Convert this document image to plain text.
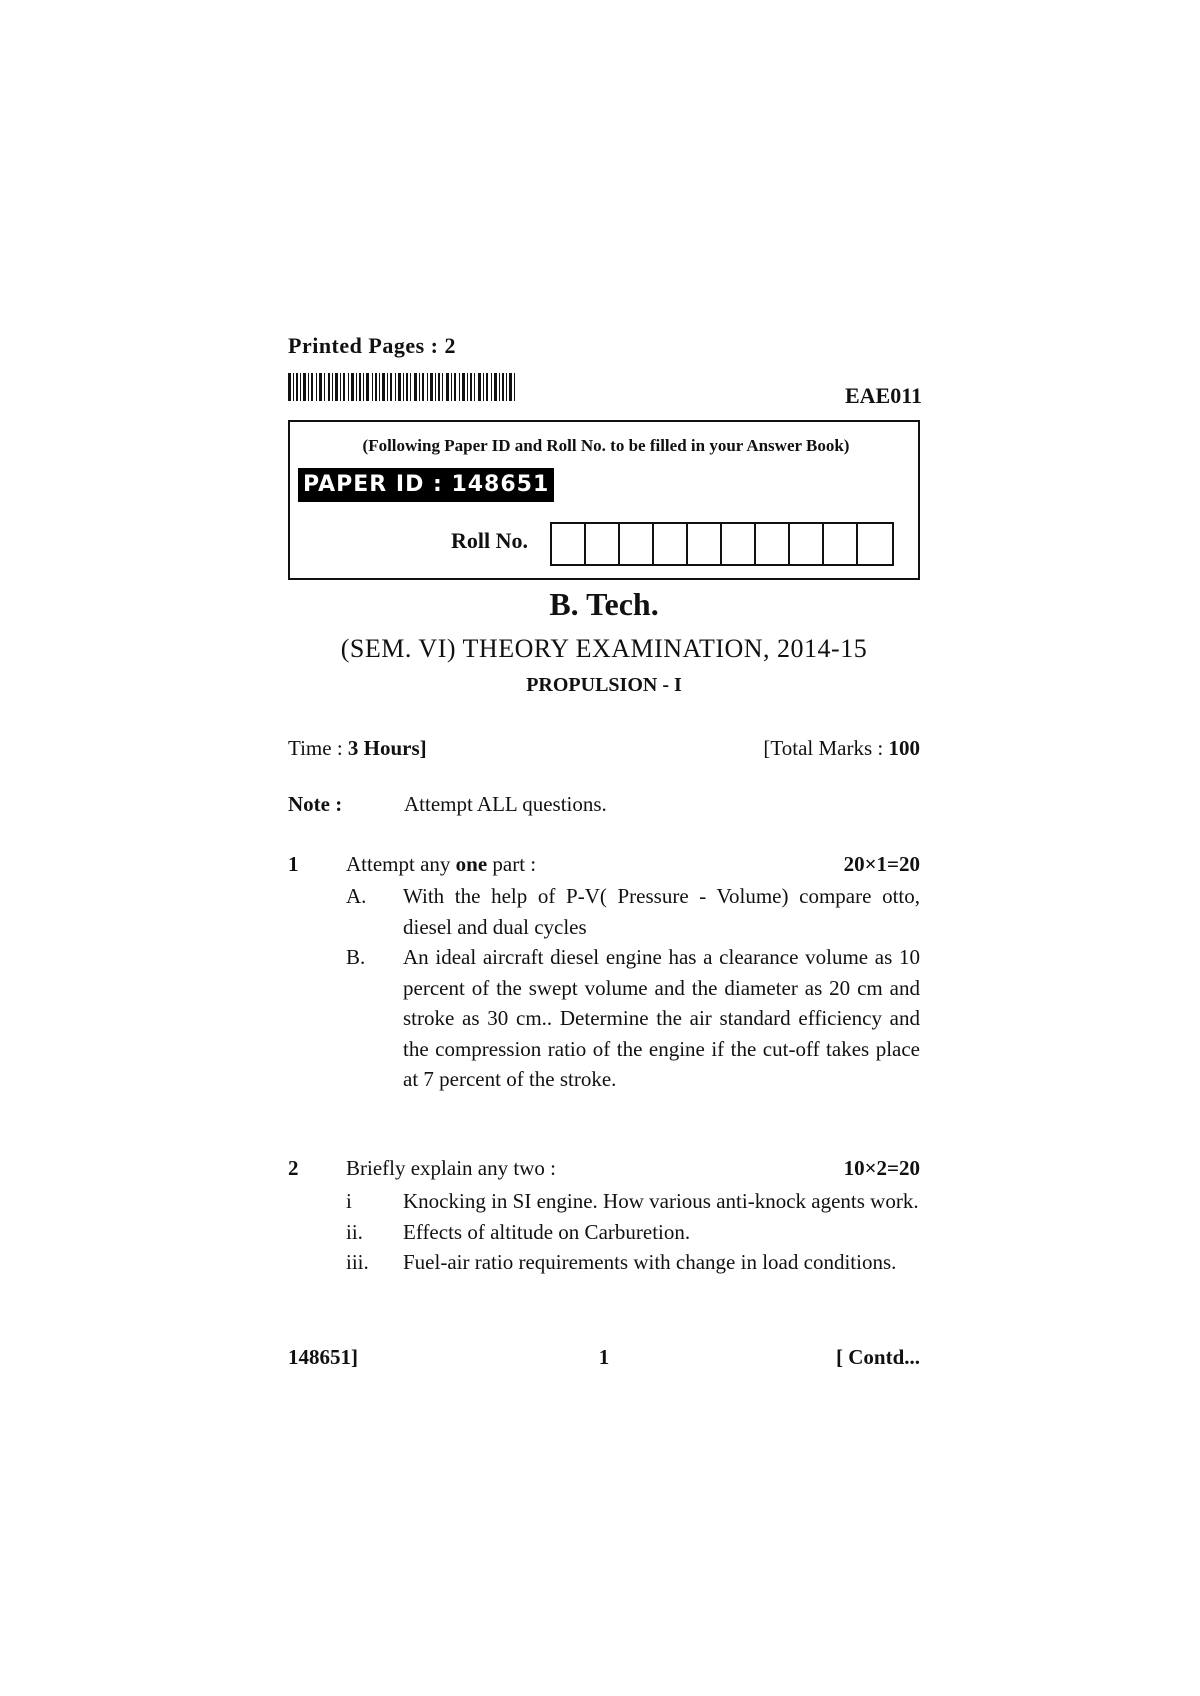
Printed Pages : 2
EAE011
(Following Paper ID and Roll No. to be filled in your Answer Book)
PAPER ID : 148651
Roll No.
B. Tech.
(SEM. VI) THEORY EXAMINATION, 2014-15
PROPULSION - I
Time : 3 Hours]	[Total Marks : 100
Note :	Attempt ALL questions.
1 Attempt any one part :	20×1=20
A. With the help of P-V( Pressure - Volume) compare otto, diesel and dual cycles
B. An ideal aircraft diesel engine has a clearance volume as 10 percent of the swept volume and the diameter as 20 cm and stroke as 30 cm.. Determine the air standard efficiency and the compression ratio of the engine if the cut-off takes place at 7 percent of the stroke.
2 Briefly explain any two :	10×2=20
i Knocking in SI engine. How various anti-knock agents work.
ii. Effects of altitude on Carburetion.
iii. Fuel-air ratio requirements with change in load conditions.
148651]	1	[ Contd...
